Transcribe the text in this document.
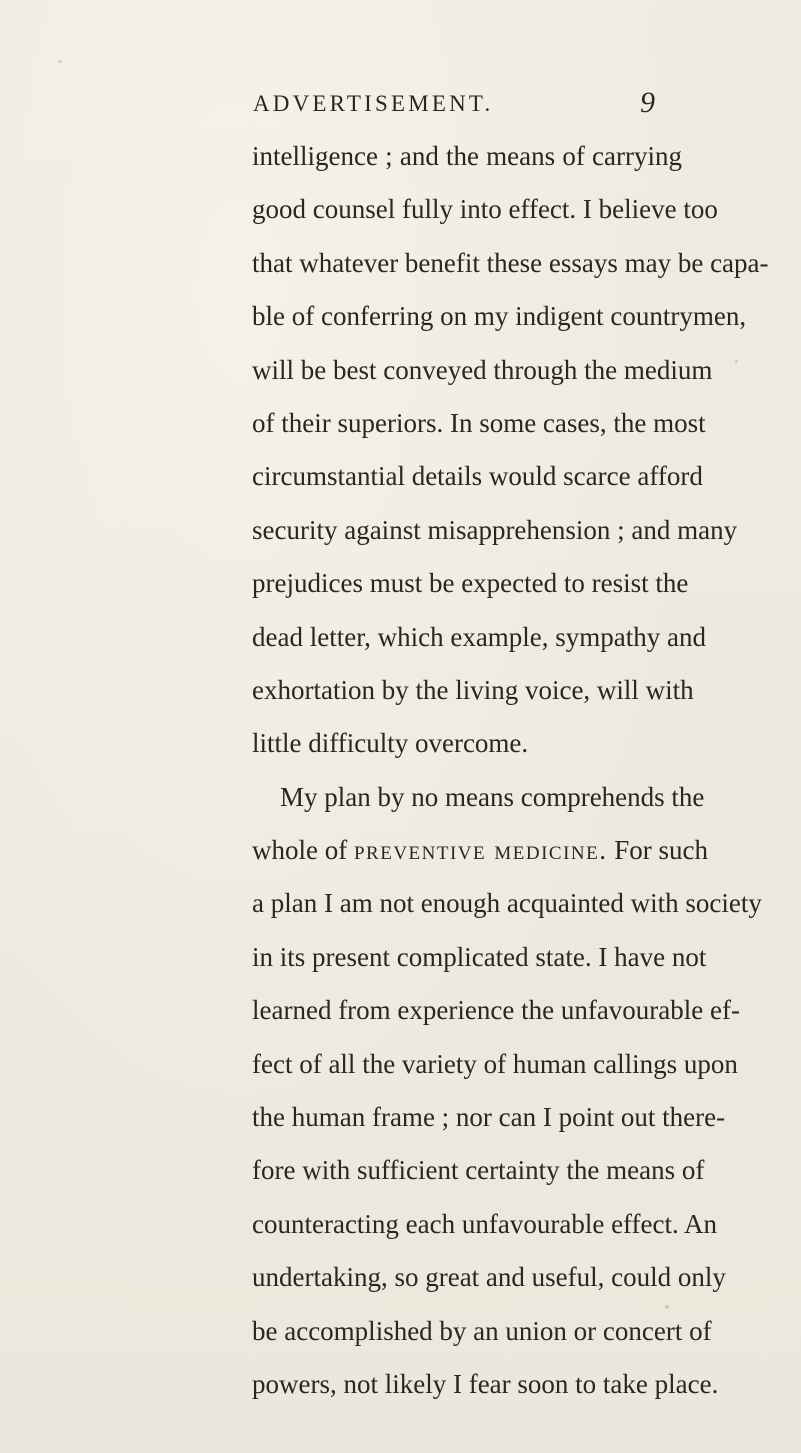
ADVERTISEMENT.	9
intelligence ; and the means of carrying
good counsel fully into effect. I believe too
that whatever benefit these essays may be capa-
ble of conferring on my indigent countrymen,
will be best conveyed through the medium
of their superiors. In some cases, the most
circumstantial details would scarce afford
security against misapprehension ; and many
prejudices must be expected to resist the
dead letter, which example, sympathy and
exhortation by the living voice, will with
little difficulty overcome.
My plan by no means comprehends the
whole of preventive medicine. For such
a plan I am not enough acquainted with society
in its present complicated state. I have not
learned from experience the unfavourable ef-
fect of all the variety of human callings upon
the human frame ; nor can I point out there-
fore with sufficient certainty the means of
counteracting each unfavourable effect. An
undertaking, so great and useful, could only
be accomplished by an union or concert of
powers, not likely I fear soon to take place.
